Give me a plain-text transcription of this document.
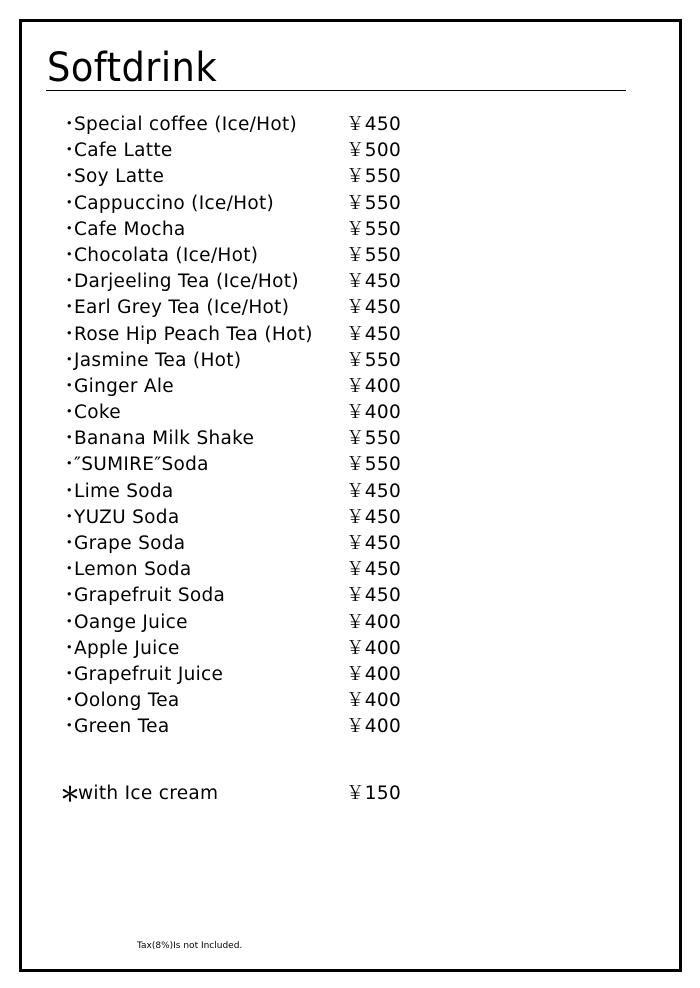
Softdrink
・
Special coffee (Ice/Hot)	￥450
・
Cafe Latte	￥500
・
Soy Latte	￥550
・
Cappuccino (Ice/Hot)	￥550
・
Cafe Mocha	￥550
・
Chocolata (Ice/Hot)	￥550
・
Darjeeling Tea (Ice/Hot)	￥450
・
Earl Grey Tea (Ice/Hot)	￥450
・
Rose Hip Peach Tea (Hot) ￥450
・
Jasmine Tea (Hot)	￥550
・
Ginger Ale	￥400
・
Coke	￥400
・
Banana Milk Shake	￥550
・
″SUMIRE″Soda	￥550
・
Lime Soda	￥450
・
YUZU Soda	￥450
・
Grape Soda	￥450
・
Lemon Soda	￥450
・
Grapefruit Soda	￥450
・
Oange Juice	￥400
・
Apple Juice	￥400
・
Grapefruit Juice	￥400
・
Oolong Tea	￥400
・
Green Tea	￥400
＊
with Ice cream	￥150
Tax(8%)Is not Included.
